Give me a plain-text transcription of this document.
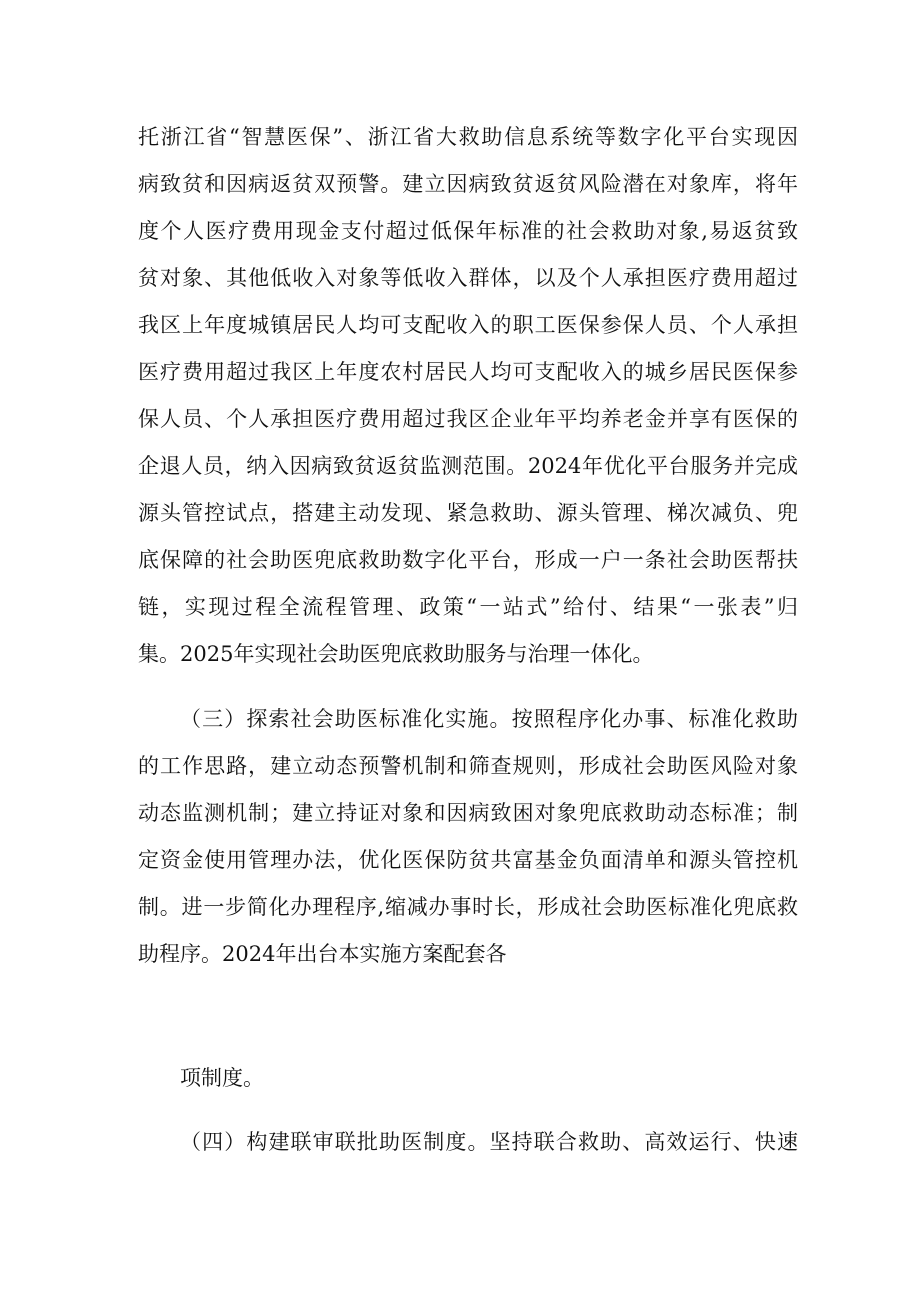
托浙江省“智慧医保”、浙江省大救助信息系统等数字化平台实现因
病致贫和因病返贫双预警。建立因病致贫返贫风险潜在对象库，将年
度个人医疗费用现金支付超过低保年标准的社会救助对象,易返贫致
贫对象、其他低收入对象等低收入群体，以及个人承担医疗费用超过
我区上年度城镇居民人均可支配收入的职工医保参保人员、个人承担
医疗费用超过我区上年度农村居民人均可支配收入的城乡居民医保参
保人员、个人承担医疗费用超过我区企业年平均养老金并享有医保的
企退人员，纳入因病致贫返贫监测范围。2024年优化平台服务并完成
源头管控试点，搭建主动发现、紧急救助、源头管理、梯次减负、兜
底保障的社会助医兜底救助数字化平台，形成一户一条社会助医帮扶
链，实现过程全流程管理、政策“一站式”给付、结果“一张表”归
集。2025年实现社会助医兜底救助服务与治理一体化。
（三）探索社会助医标准化实施。按照程序化办事、标准化救助
的工作思路，建立动态预警机制和筛查规则，形成社会助医风险对象
动态监测机制；建立持证对象和因病致困对象兜底救助动态标准；制
定资金使用管理办法，优化医保防贫共富基金负面清单和源头管控机
制。进一步简化办理程序,缩减办事时长，形成社会助医标准化兜底救
助程序。2024年出台本实施方案配套各
项制度。
（四）构建联审联批助医制度。坚持联合救助、高效运行、快速
